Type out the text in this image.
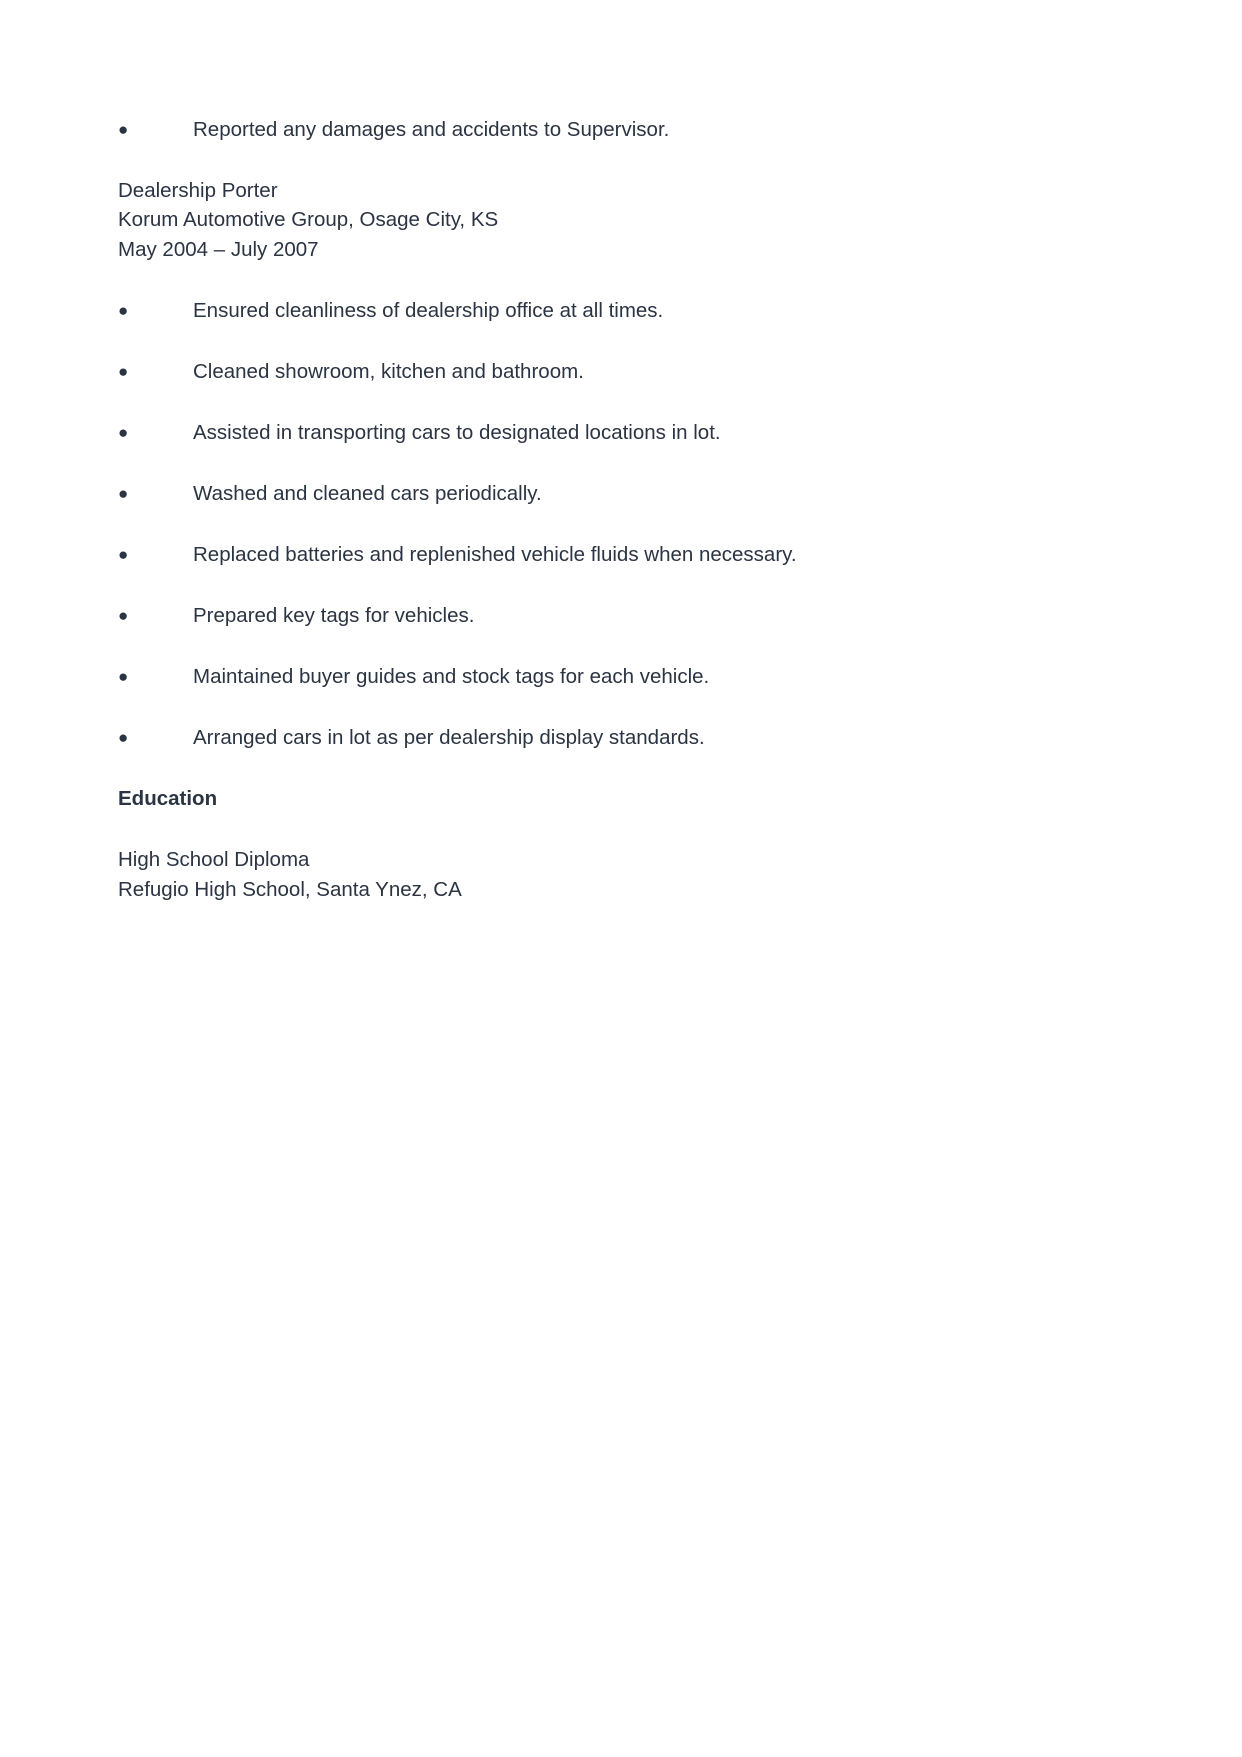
●	Reported any damages and accidents to Supervisor.
Dealership Porter
Korum Automotive Group, Osage City, KS
May 2004 – July 2007
●	Ensured cleanliness of dealership office at all times.
●	Cleaned showroom, kitchen and bathroom.
●	Assisted in transporting cars to designated locations in lot.
●	Washed and cleaned cars periodically.
●	Replaced batteries and replenished vehicle fluids when necessary.
●	Prepared key tags for vehicles.
●	Maintained buyer guides and stock tags for each vehicle.
●	Arranged cars in lot as per dealership display standards.
Education
High School Diploma
Refugio High School, Santa Ynez, CA
